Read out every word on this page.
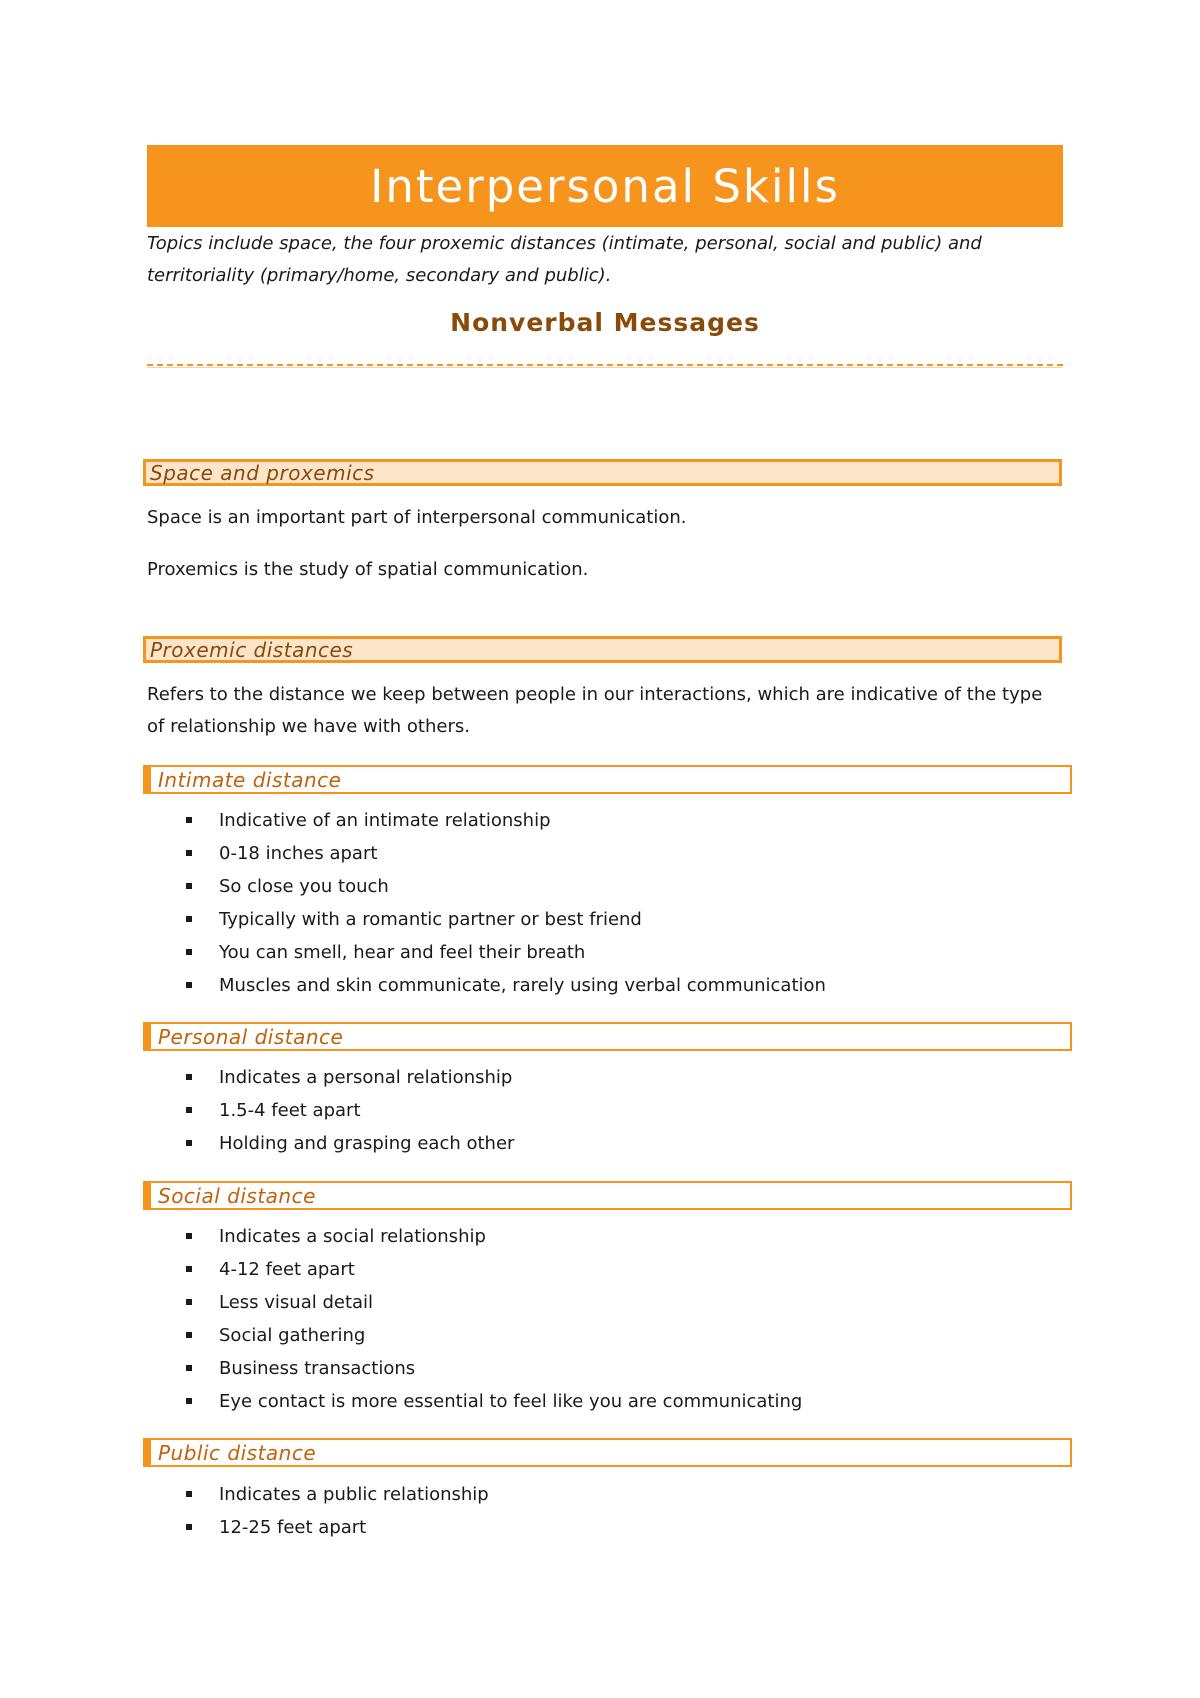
Interpersonal Skills

Topics include space, the four proxemic distances (intimate, personal, social and public) and territoriality (primary/home, secondary and public).

Nonverbal Messages
Space and proxemics

Space is an important part of interpersonal communication.

Proxemics is the study of spatial communication.

Proxemic distances

Refers to the distance we keep between people in our interactions, which are indicative of the type of relationship we have with others.

Intimate distance
Indicative of an intimate relationship
0-18 inches apart
So close you touch
Typically with a romantic partner or best friend
You can smell, hear and feel their breath
Muscles and skin communicate, rarely using verbal communication
Personal distance
Indicates a personal relationship
1.5-4 feet apart
Holding and grasping each other
Social distance
Indicates a social relationship
4-12 feet apart
Less visual detail
Social gathering
Business transactions
Eye contact is more essential to feel like you are communicating
Public distance
Indicates a public relationship
12-25 feet apart
